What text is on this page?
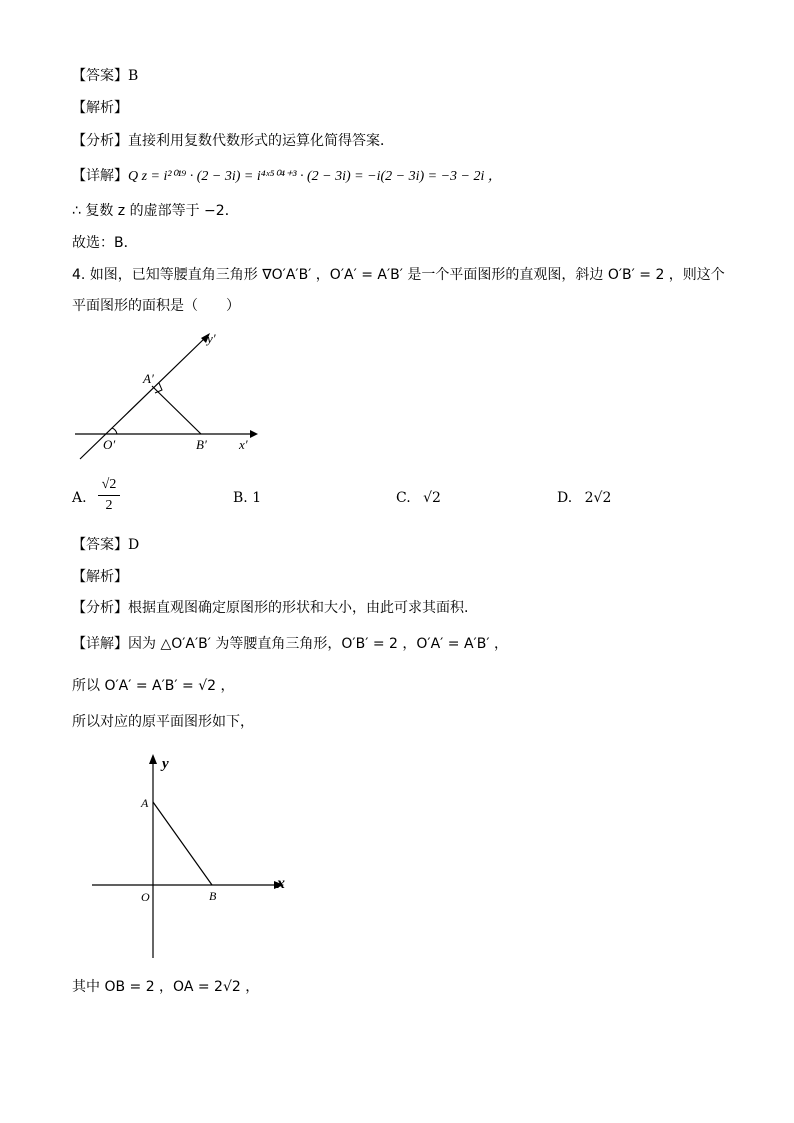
【答案】B
【解析】
【分析】直接利用复数代数形式的运算化简得答案．
【详解】Q z = i²⁰¹⁹ · (2 − 3i) = i⁴ˣ⁵⁰⁴⁺³ · (2 − 3i) = −i(2 − 3i) = −3 − 2i ，
∴ 复数 z 的虚部等于 −2．
故选：B．
4. 如图，已知等腰直角三角形 ∇O′A′B′ ，O′A′ = A′B′ 是一个平面图形的直观图，斜边 O′B′ = 2 ，则这个
平面图形的面积是（　　）
y′
A′
O′	B′ x′
A.
√2
2	B. 1	C. √2	D. 2√2
【答案】D
【解析】
【分析】根据直观图确定原图形的形状和大小，由此可求其面积.
【详解】因为 △O′A′B′ 为等腰直角三角形，O′B′ = 2 ，O′A′ = A′B′ ，
所以 O′A′ = A′B′ = √2 ，
所以对应的原平面图形如下，
y
A
O	B
x
其中 OB = 2 ，OA = 2√2 ，
